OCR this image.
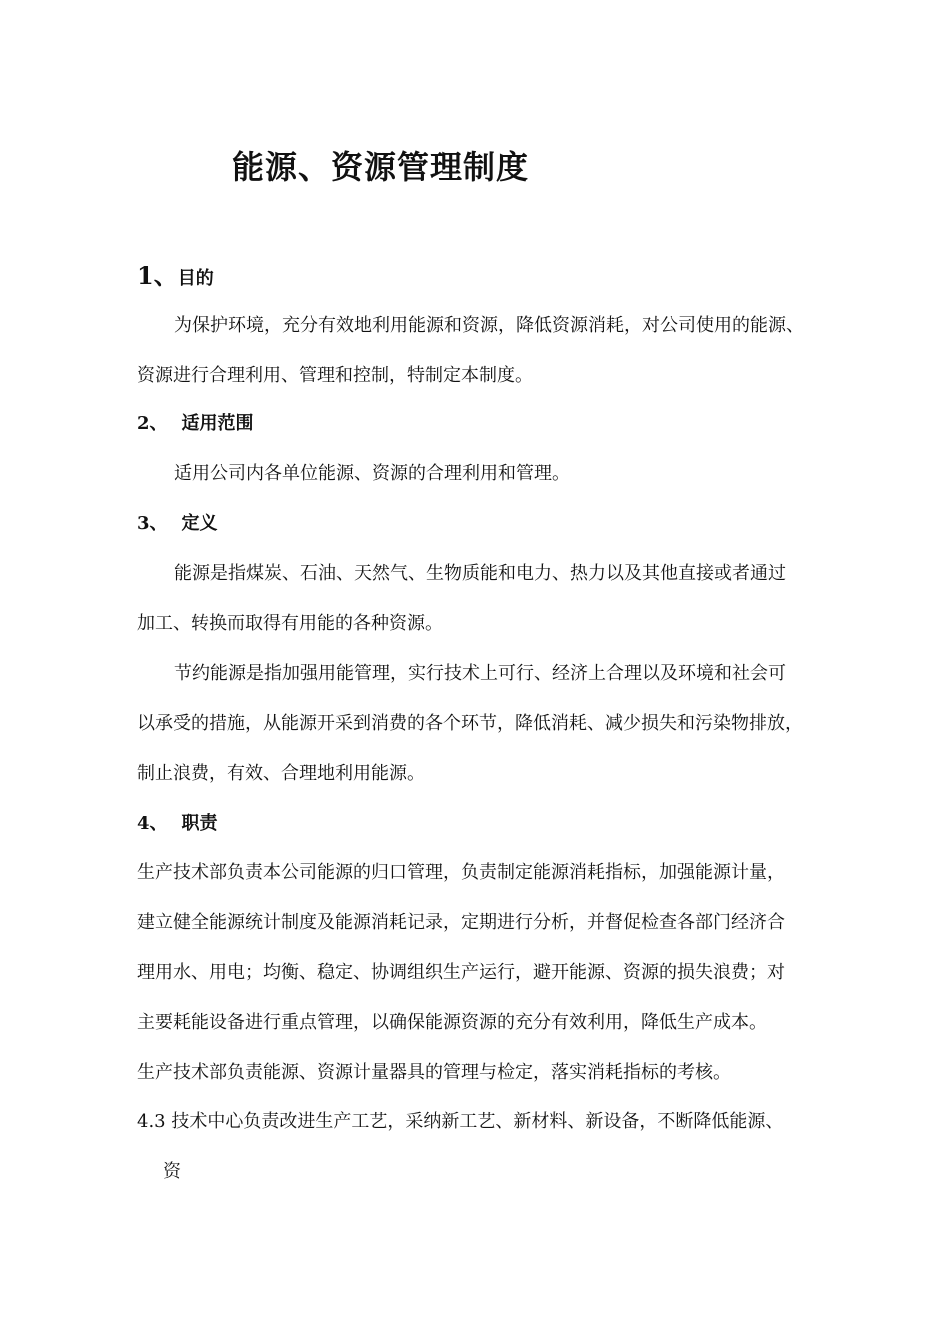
能源、资源管理制度
1、目的
为保护环境，充分有效地利用能源和资源，降低资源消耗，对公司使用的能源、
资源进行合理利用、管理和控制，特制定本制度。
2、 适用范围
适用公司内各单位能源、资源的合理利用和管理。
3、 定义
能源是指煤炭、石油、天然气、生物质能和电力、热力以及其他直接或者通过
加工、转换而取得有用能的各种资源。
节约能源是指加强用能管理，实行技术上可行、经济上合理以及环境和社会可
以承受的措施，从能源开采到消费的各个环节，降低消耗、减少损失和污染物排放，
制止浪费，有效、合理地利用能源。
4、 职责
生产技术部负责本公司能源的归口管理，负责制定能源消耗指标，加强能源计量，
建立健全能源统计制度及能源消耗记录，定期进行分析，并督促检查各部门经济合
理用水、用电；均衡、稳定、协调组织生产运行，避开能源、资源的损失浪费；对
主要耗能设备进行重点管理，以确保能源资源的充分有效利用，降低生产成本。
生产技术部负责能源、资源计量器具的管理与检定，落实消耗指标的考核。
4.3 技术中心负责改进生产工艺，采纳新工艺、新材料、新设备，不断降低能源、
资
